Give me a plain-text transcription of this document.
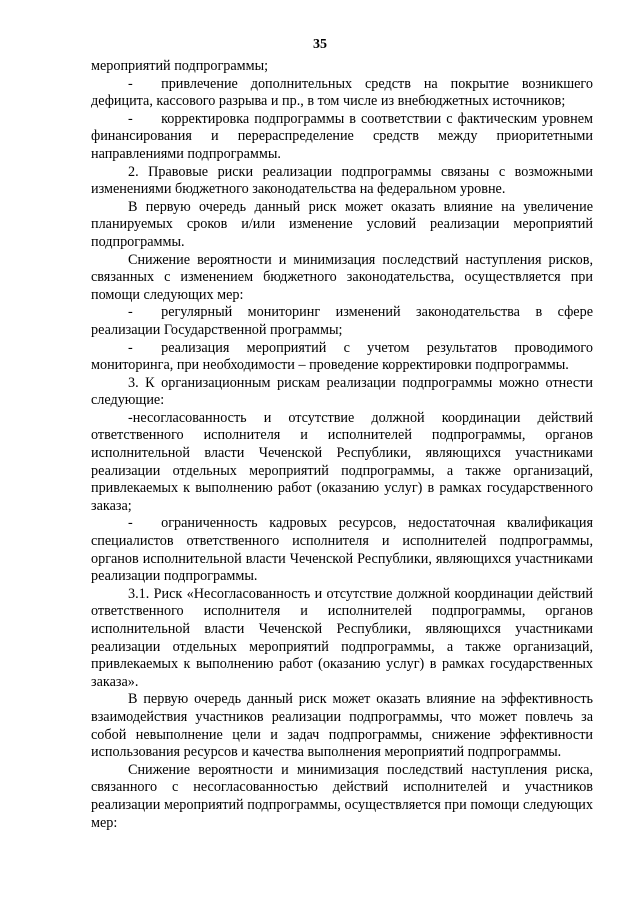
35

мероприятий подпрограммы;

-  привлечение дополнительных средств на покрытие возникшего дефицита, кассового разрыва и пр., в том числе из внебюджетных источников;

-  корректировка подпрограммы в соответствии с фактическим уровнем финансирования и перераспределение средств между приоритетными направлениями подпрограммы.

2. Правовые риски реализации подпрограммы связаны с возможными изменениями бюджетного законодательства на федеральном уровне.

В первую очередь данный риск может оказать влияние на увеличение планируемых сроков и/или изменение условий реализации мероприятий подпрограммы.

Снижение вероятности и минимизация последствий наступления рисков, связанных с изменением бюджетного законодательства, осуществляется при помощи следующих мер:

-  регулярный мониторинг изменений законодательства в сфере реализации Государственной программы;

-  реализация мероприятий с учетом результатов проводимого мониторинга, при необходимости – проведение корректировки подпрограммы.

3. К организационным рискам реализации подпрограммы можно отнести следующие:

-несогласованность и отсутствие должной координации действий ответственного исполнителя и исполнителей подпрограммы, органов исполнительной власти Чеченской Республики, являющихся участниками реализации отдельных мероприятий подпрограммы, а также организаций, привлекаемых к выполнению работ (оказанию услуг) в рамках государственного заказа;

-  ограниченность кадровых ресурсов, недостаточная квалификация специалистов ответственного исполнителя и исполнителей подпрограммы, органов исполнительной власти Чеченской Республики, являющихся участниками реализации подпрограммы.

3.1. Риск «Несогласованность и отсутствие должной координации действий ответственного исполнителя и исполнителей подпрограммы, органов исполнительной власти Чеченской Республики, являющихся участниками реализации отдельных мероприятий подпрограммы, а также организаций, привлекаемых к выполнению работ (оказанию услуг) в рамках государственных заказа».

В первую очередь данный риск может оказать влияние на эффективность взаимодействия участников реализации подпрограммы, что может повлечь за собой невыполнение цели и задач подпрограммы, снижение эффективности использования ресурсов и качества выполнения мероприятий подпрограммы.

Снижение вероятности и минимизация последствий наступления риска, связанного с несогласованностью действий исполнителей и участников реализации мероприятий подпрограммы, осуществляется при помощи следующих мер:
